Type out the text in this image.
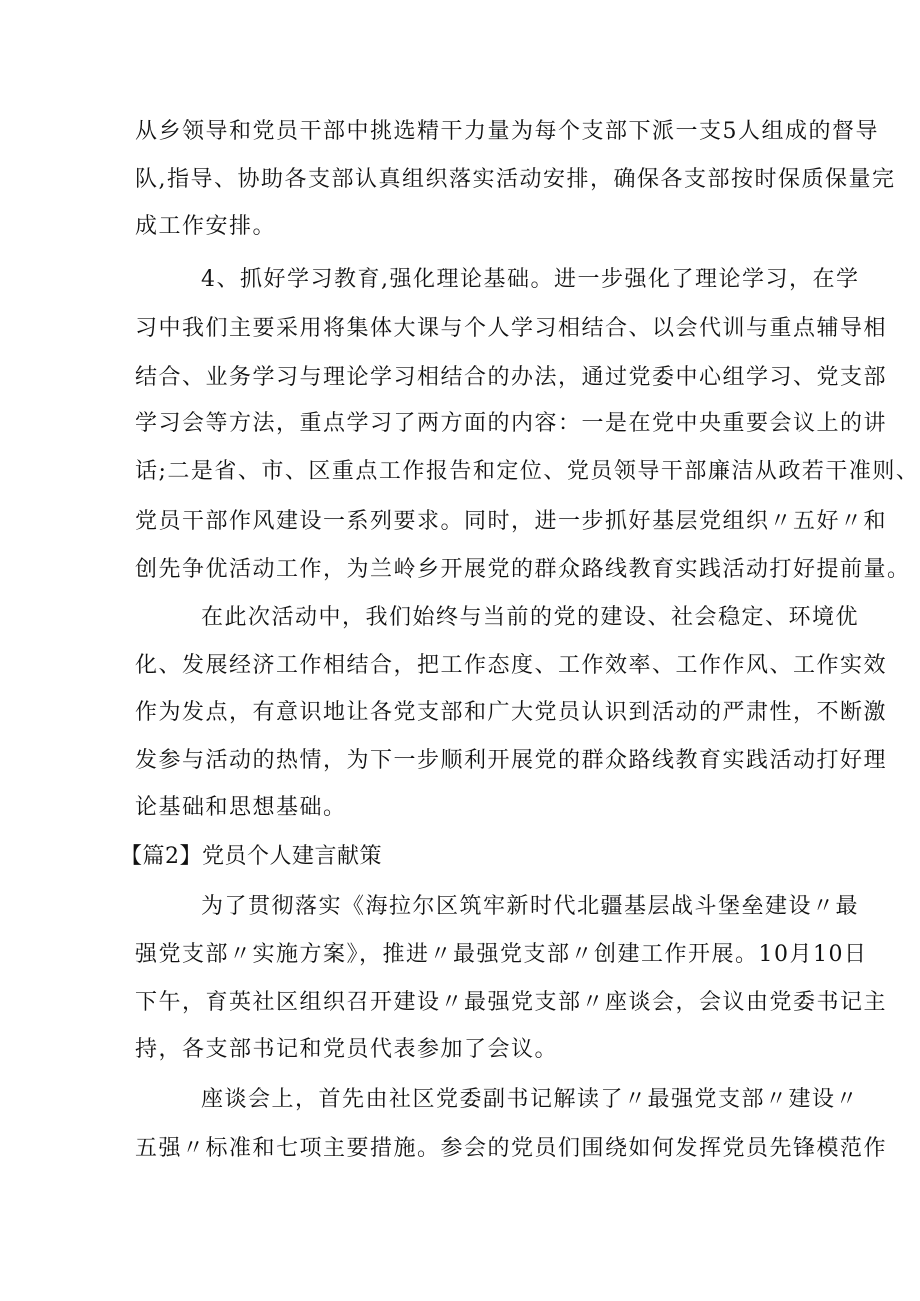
从乡领导和党员干部中挑选精干力量为每个支部下派一支5人组成的督导

队,指导、协助各支部认真组织落实活动安排，确保各支部按时保质保量完

成工作安排。

4、抓好学习教育,强化理论基础。进一步强化了理论学习，在学

习中我们主要采用将集体大课与个人学习相结合、以会代训与重点辅导相

结合、业务学习与理论学习相结合的办法，通过党委中心组学习、党支部

学习会等方法，重点学习了两方面的内容：一是在党中央重要会议上的讲

话;二是省、市、区重点工作报告和定位、党员领导干部廉洁从政若干准则、

党员干部作风建设一系列要求。同时，进一步抓好基层党组织〃五好〃和

创先争优活动工作，为兰岭乡开展党的群众路线教育实践活动打好提前量。

在此次活动中，我们始终与当前的党的建设、社会稳定、环境优

化、发展经济工作相结合，把工作态度、工作效率、工作作风、工作实效

作为发点，有意识地让各党支部和广大党员认识到活动的严肃性，不断激

发参与活动的热情，为下一步顺利开展党的群众路线教育实践活动打好理

论基础和思想基础。

【篇2】党员个人建言献策

为了贯彻落实《海拉尔区筑牢新时代北疆基层战斗堡垒建设〃最

强党支部〃实施方案》，推进〃最强党支部〃创建工作开展。10月10日

下午，育英社区组织召开建设〃最强党支部〃座谈会，会议由党委书记主

持，各支部书记和党员代表参加了会议。

座谈会上，首先由社区党委副书记解读了〃最强党支部〃建设〃

五强〃标准和七项主要措施。参会的党员们围绕如何发挥党员先锋模范作
